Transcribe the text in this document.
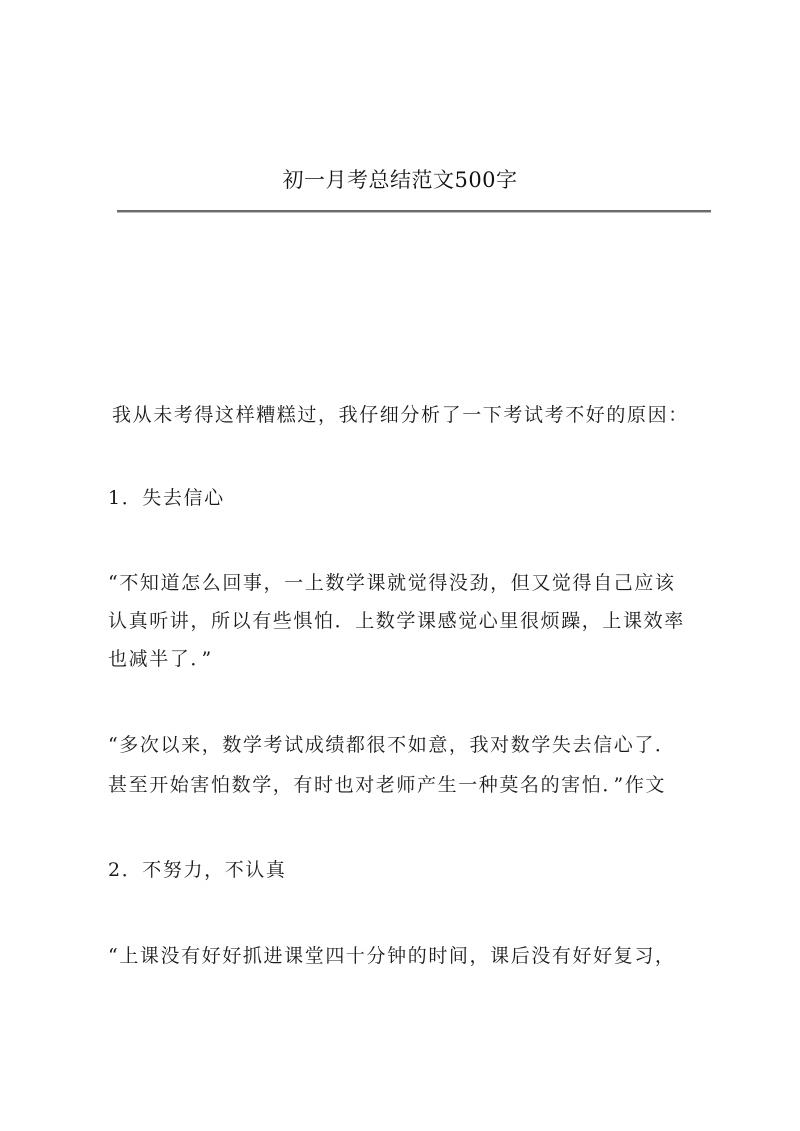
初一月考总结范文500字
我从未考得这样糟糕过，我仔细分析了一下考试考不好的原因：
1．失去信心
“不知道怎么回事，一上数学课就觉得没劲，但又觉得自己应该
认真听讲，所以有些惧怕．上数学课感觉心里很烦躁，上课效率
也减半了．”
“多次以来，数学考试成绩都很不如意，我对数学失去信心了．
甚至开始害怕数学，有时也对老师产生一种莫名的害怕．”作文
2．不努力，不认真
“上课没有好好抓进课堂四十分钟的时间，课后没有好好复习，
